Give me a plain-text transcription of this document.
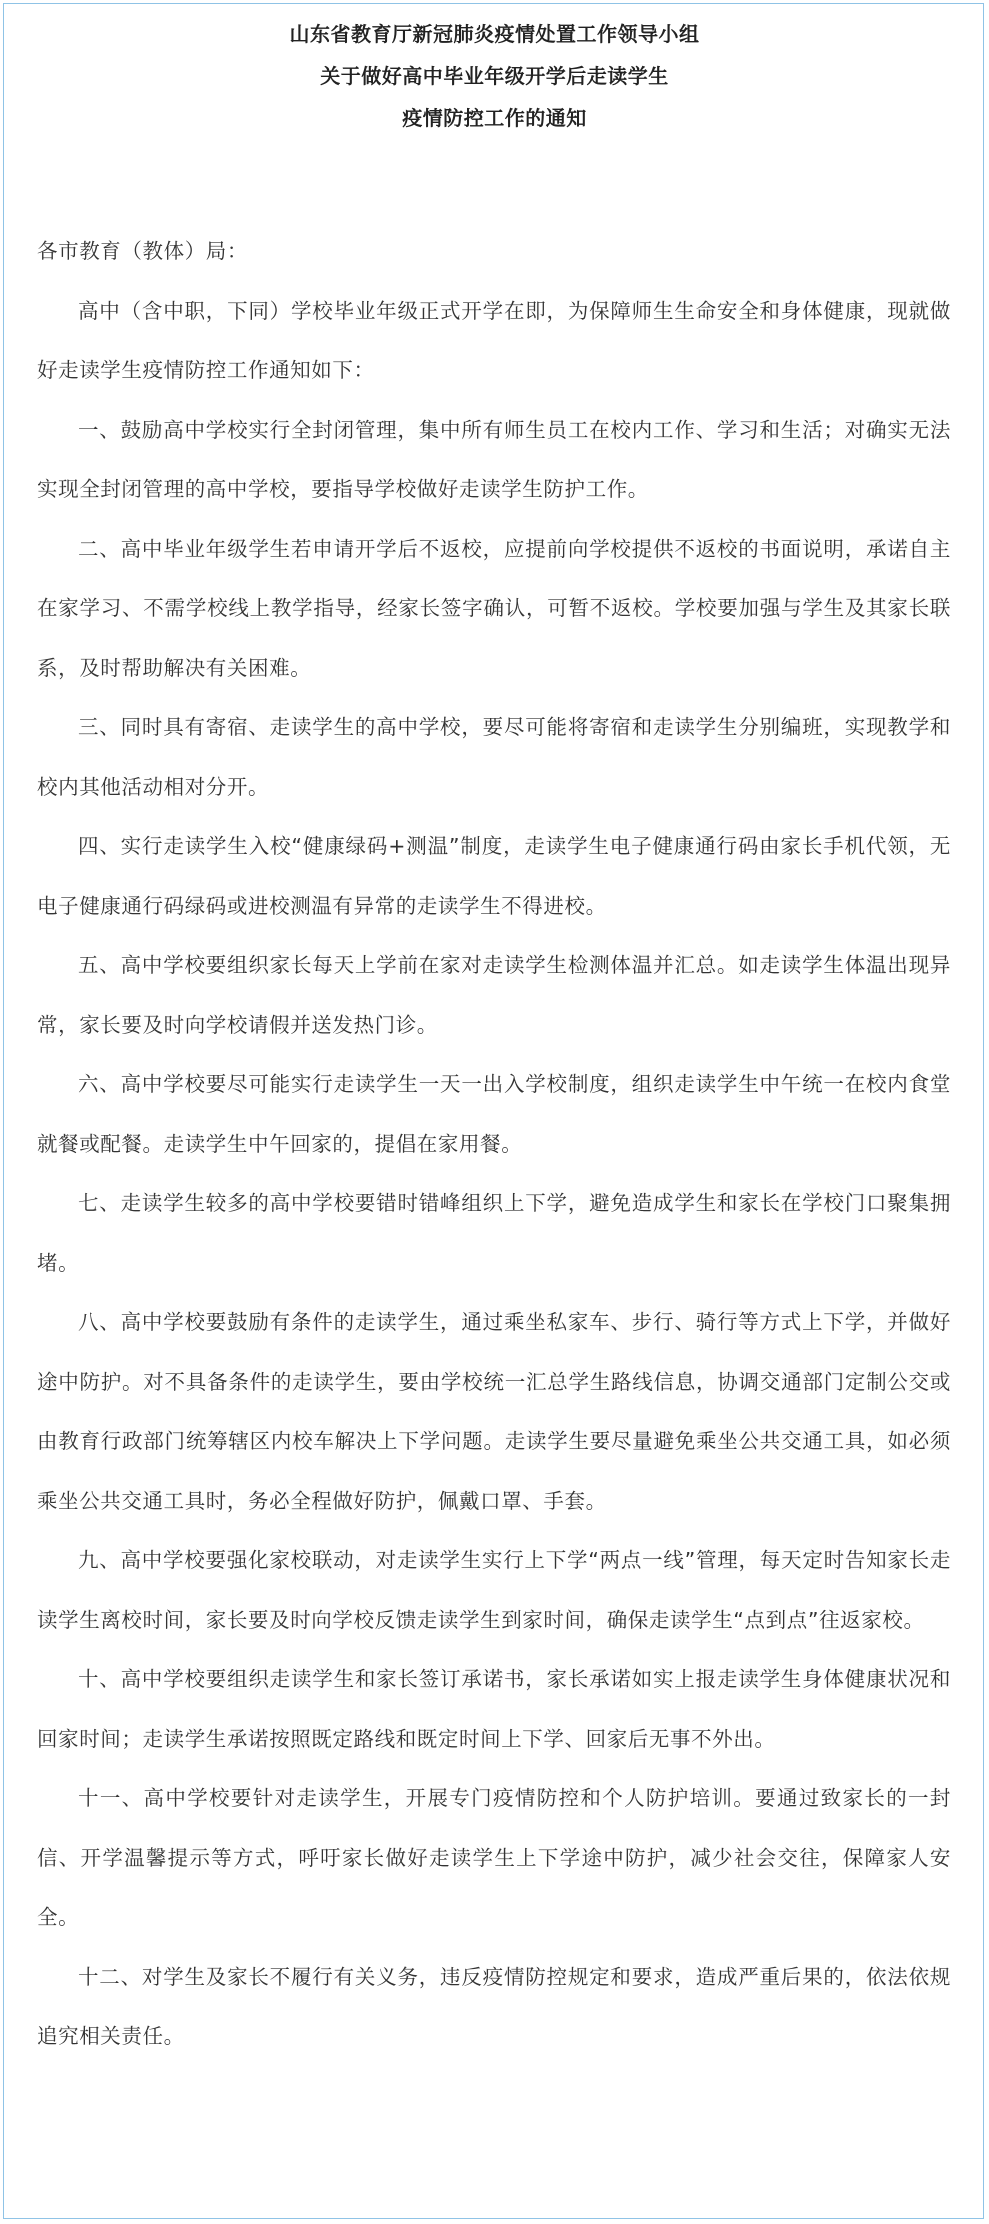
山东省教育厅新冠肺炎疫情处置工作领导小组
关于做好高中毕业年级开学后走读学生
疫情防控工作的通知

各市教育（教体）局：

高中（含中职，下同）学校毕业年级正式开学在即，为保障师生生命安全和身体健康，现就做好走读学生疫情防控工作通知如下：

一、鼓励高中学校实行全封闭管理，集中所有师生员工在校内工作、学习和生活；对确实无法实现全封闭管理的高中学校，要指导学校做好走读学生防护工作。

二、高中毕业年级学生若申请开学后不返校，应提前向学校提供不返校的书面说明，承诺自主在家学习、不需学校线上教学指导，经家长签字确认，可暂不返校。学校要加强与学生及其家长联系，及时帮助解决有关困难。

三、同时具有寄宿、走读学生的高中学校，要尽可能将寄宿和走读学生分别编班，实现教学和校内其他活动相对分开。

四、实行走读学生入校“健康绿码+测温”制度，走读学生电子健康通行码由家长手机代领，无电子健康通行码绿码或进校测温有异常的走读学生不得进校。

五、高中学校要组织家长每天上学前在家对走读学生检测体温并汇总。如走读学生体温出现异常，家长要及时向学校请假并送发热门诊。

六、高中学校要尽可能实行走读学生一天一出入学校制度，组织走读学生中午统一在校内食堂就餐或配餐。走读学生中午回家的，提倡在家用餐。

七、走读学生较多的高中学校要错时错峰组织上下学，避免造成学生和家长在学校门口聚集拥堵。

八、高中学校要鼓励有条件的走读学生，通过乘坐私家车、步行、骑行等方式上下学，并做好途中防护。对不具备条件的走读学生，要由学校统一汇总学生路线信息，协调交通部门定制公交或由教育行政部门统筹辖区内校车解决上下学问题。走读学生要尽量避免乘坐公共交通工具，如必须乘坐公共交通工具时，务必全程做好防护，佩戴口罩、手套。

九、高中学校要强化家校联动，对走读学生实行上下学“两点一线”管理，每天定时告知家长走读学生离校时间，家长要及时向学校反馈走读学生到家时间，确保走读学生“点到点”往返家校。

十、高中学校要组织走读学生和家长签订承诺书，家长承诺如实上报走读学生身体健康状况和回家时间；走读学生承诺按照既定路线和既定时间上下学、回家后无事不外出。

十一、高中学校要针对走读学生，开展专门疫情防控和个人防护培训。要通过致家长的一封信、开学温馨提示等方式，呼吁家长做好走读学生上下学途中防护，减少社会交往，保障家人安全。

十二、对学生及家长不履行有关义务，违反疫情防控规定和要求，造成严重后果的，依法依规追究相关责任。
